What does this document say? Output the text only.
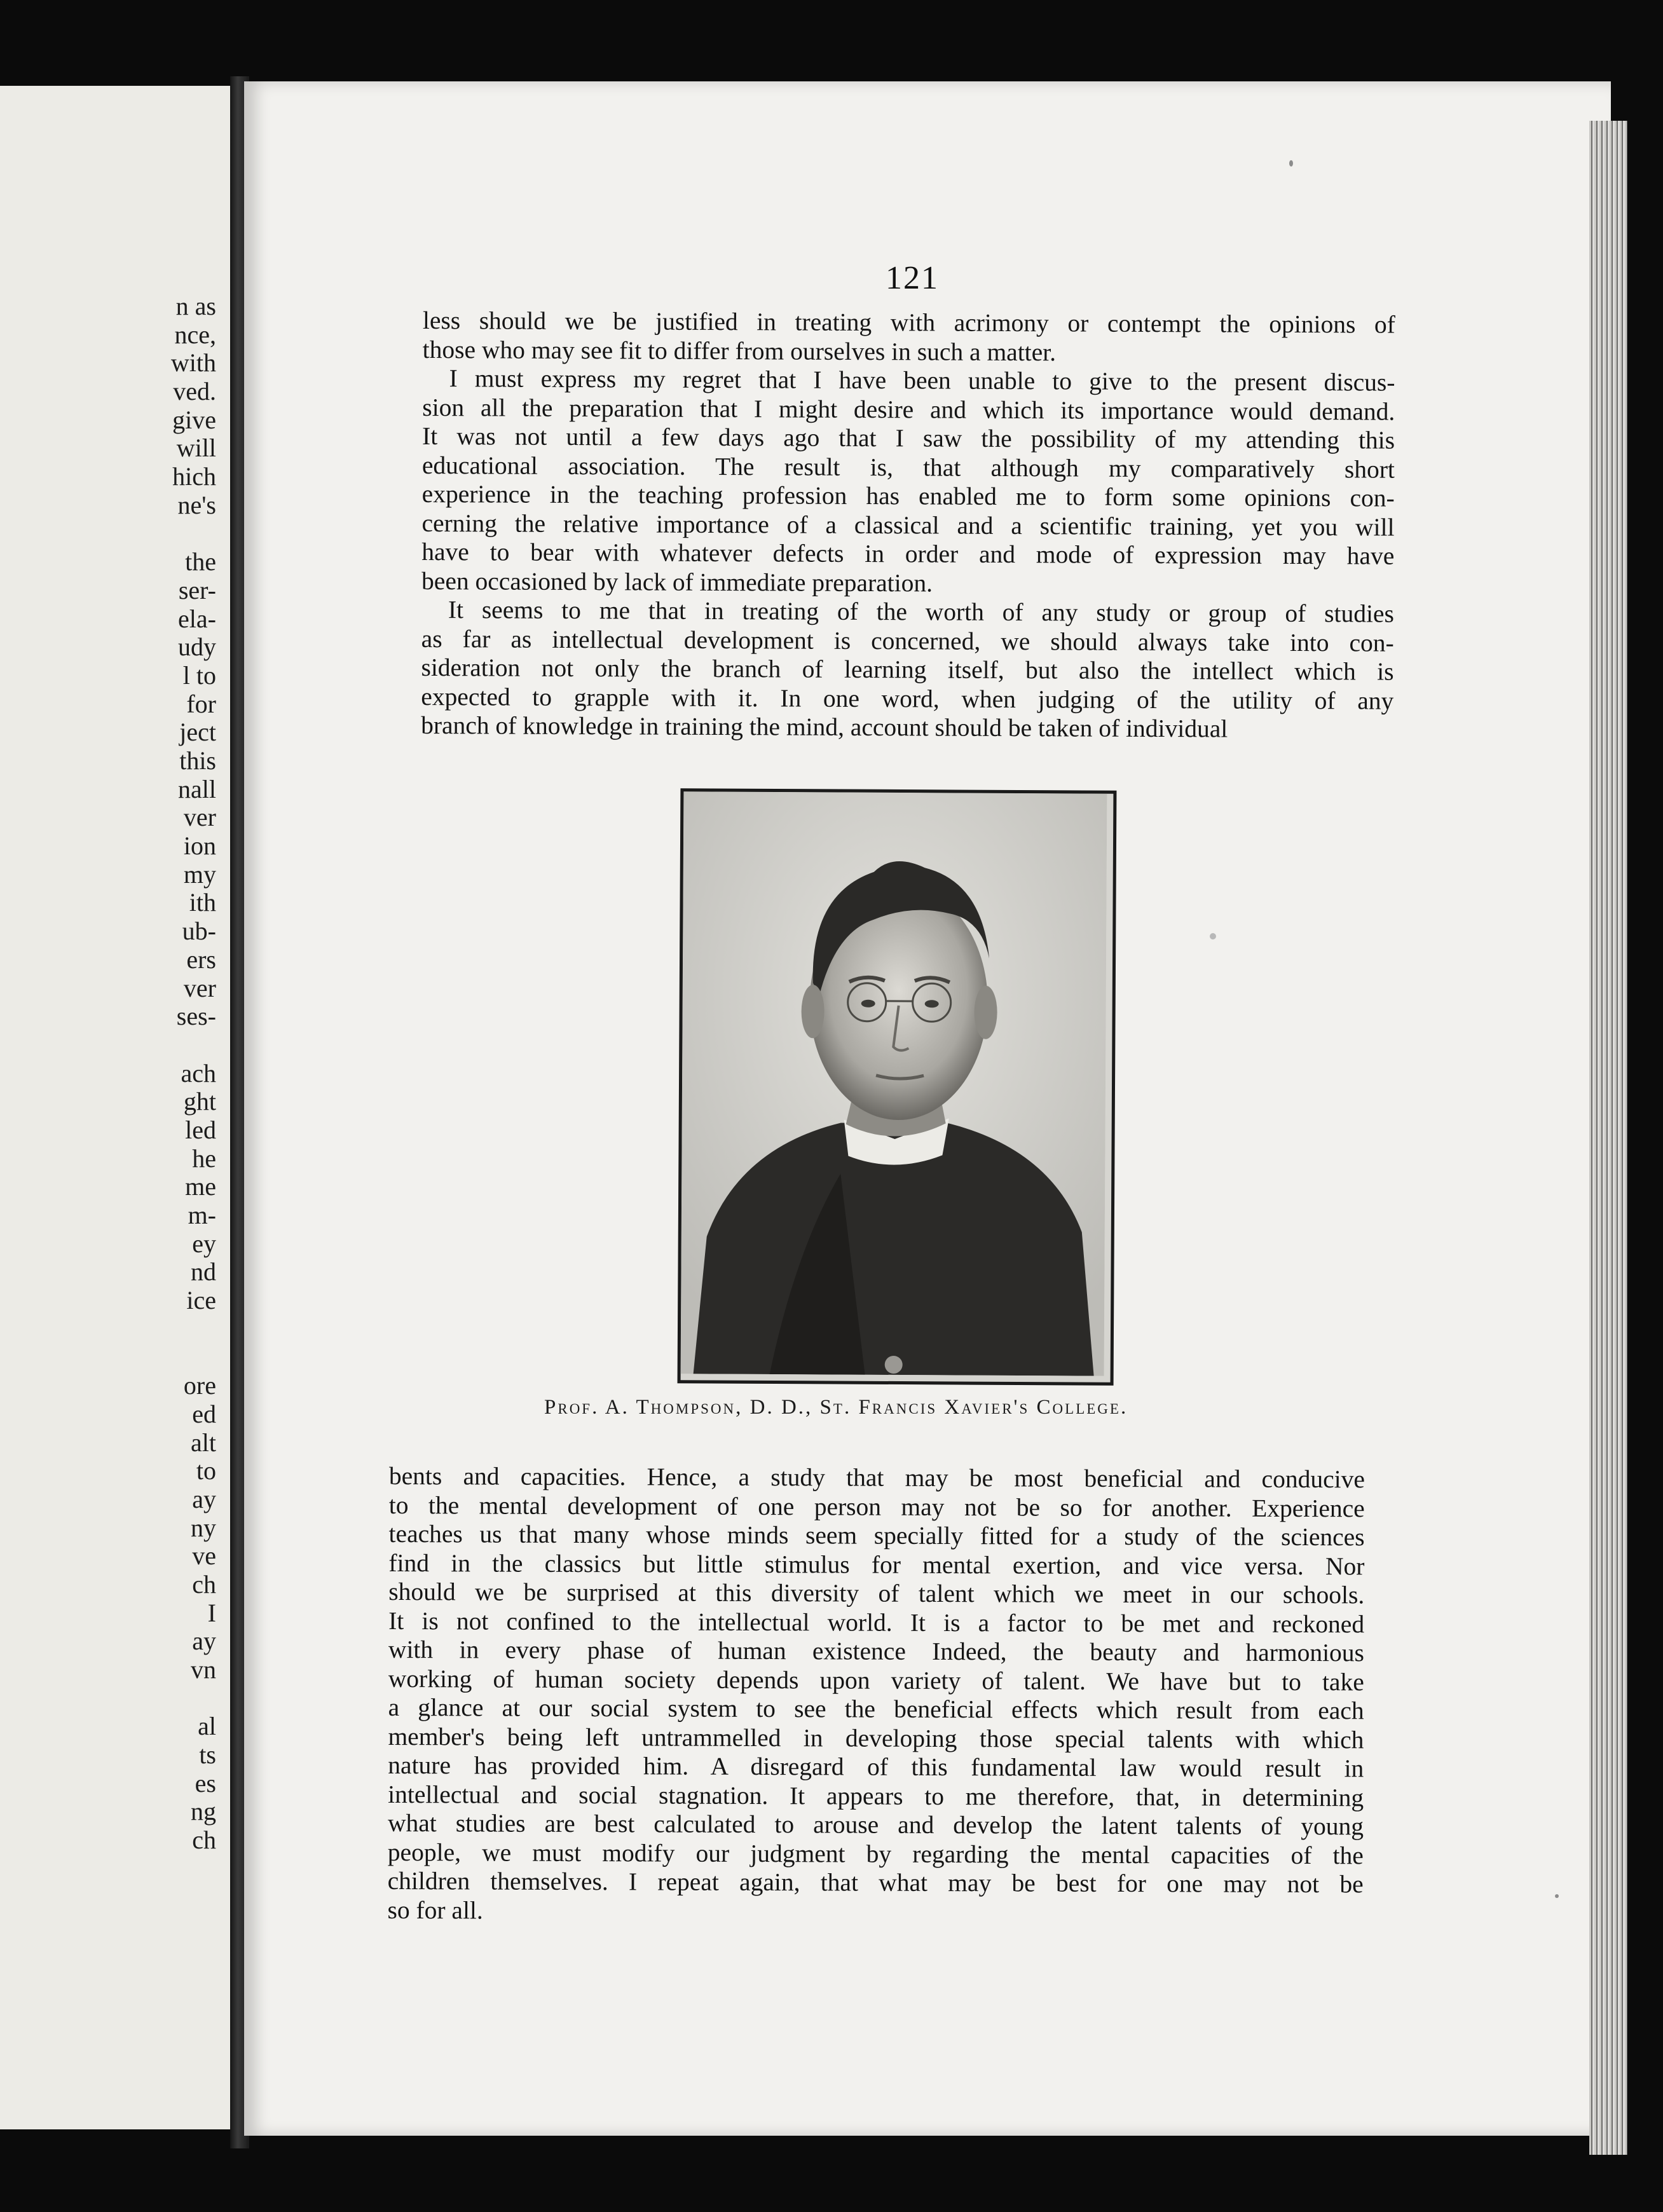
n as
nce,
with
ved.
give
will
hich
ne's

the
ser-
ela-
udy
l to
for
ject
this
nall
ver
ion
my
ith
ub-
ers
ver
ses-

ach
ght
led
he
me
m-
ey
nd
ice

ore
ed
alt
to
ay
ny
ve
ch
I
ay
vn

al
ts
es
ng
ch
121
less should we be justified in treating with acrimony or contempt the opinions of
those who may see fit to differ from ourselves in such a matter.
I must express my regret that I have been unable to give to the present discus-
sion all the preparation that I might desire and which its importance would demand.
It was not until a few days ago that I saw the possibility of my attending this
educational association. The result is, that although my comparatively short
experience in the teaching profession has enabled me to form some opinions con-
cerning the relative importance of a classical and a scientific training, yet you will
have to bear with whatever defects in order and mode of expression may have
been occasioned by lack of immediate preparation.
It seems to me that in treating of the worth of any study or group of studies
as far as intellectual development is concerned, we should always take into con-
sideration not only the branch of learning itself, but also the intellect which is
expected to grapple with it. In one word, when judging of the utility of any
branch of knowledge in training the mind, account should be taken of individual
Prof. A. Thompson, D. D., St. Francis Xavier's College.
bents and capacities. Hence, a study that may be most beneficial and conducive
to the mental development of one person may not be so for another. Experience
teaches us that many whose minds seem specially fitted for a study of the sciences
find in the classics but little stimulus for mental exertion, and vice versa. Nor
should we be surprised at this diversity of talent which we meet in our schools.
It is not confined to the intellectual world. It is a factor to be met and reckoned
with in every phase of human existence Indeed, the beauty and harmonious
working of human society depends upon variety of talent. We have but to take
a glance at our social system to see the beneficial effects which result from each
member's being left untrammelled in developing those special talents with which
nature has provided him. A disregard of this fundamental law would result in
intellectual and social stagnation. It appears to me therefore, that, in determining
what studies are best calculated to arouse and develop the latent talents of young
people, we must modify our judgment by regarding the mental capacities of the
children themselves. I repeat again, that what may be best for one may not be
so for all.
